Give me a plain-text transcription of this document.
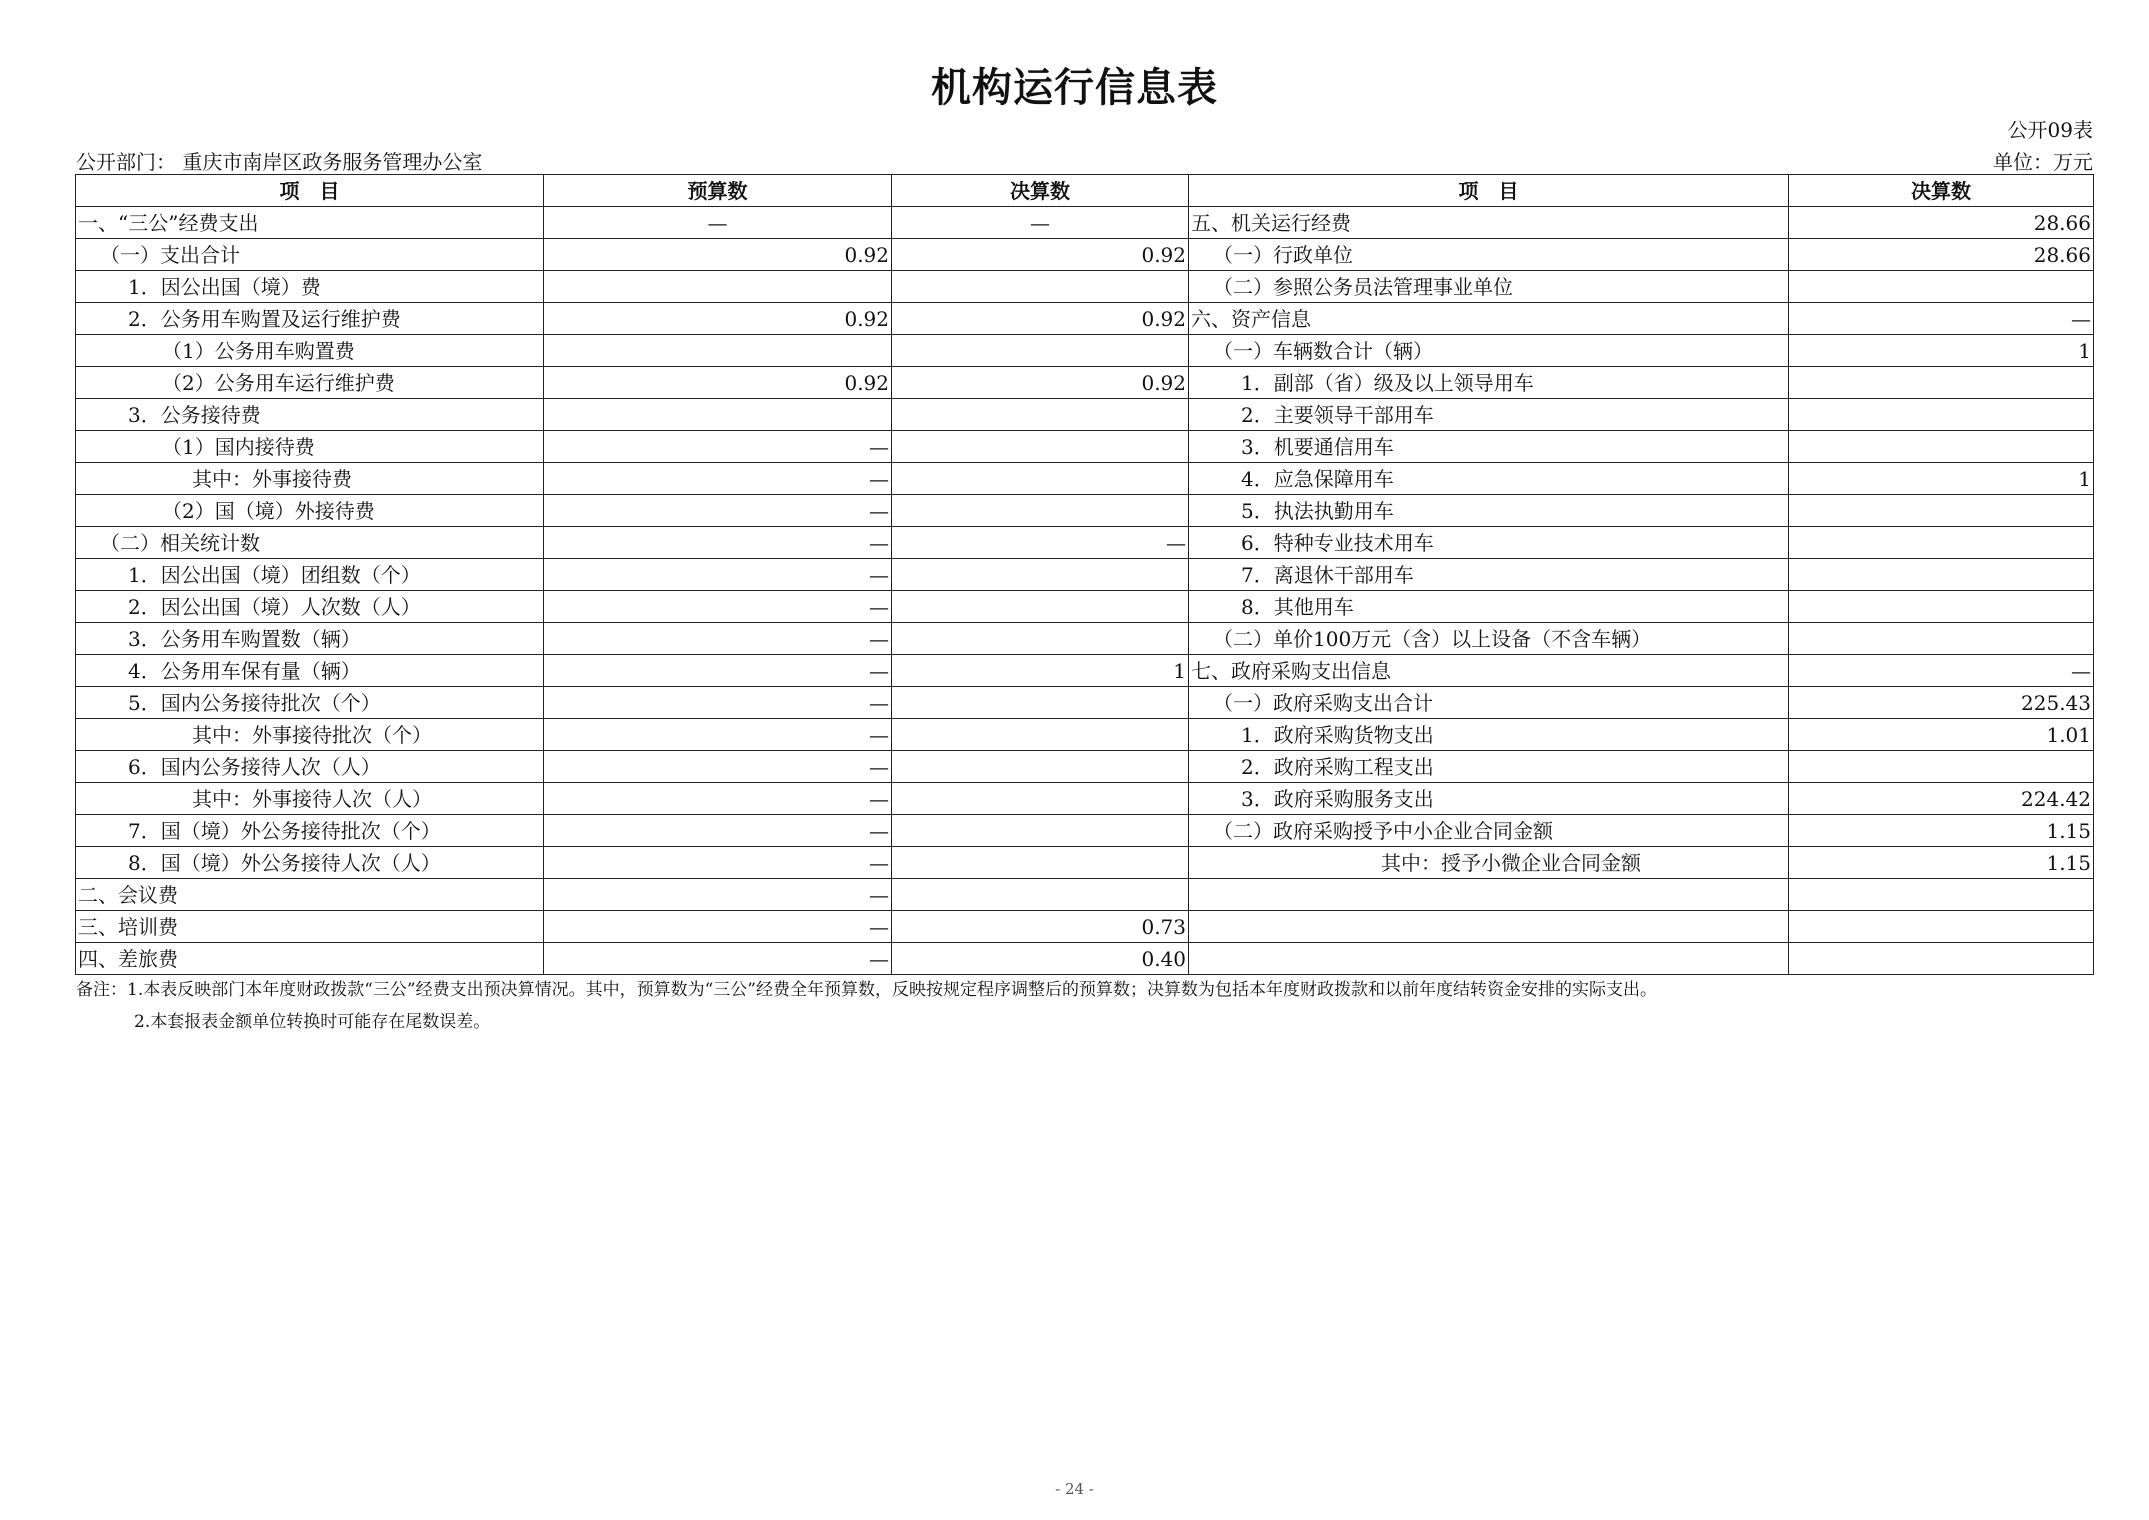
机构运行信息表
公开09表
公开部门： 重庆市南岸区政务服务管理办公室	单位：万元
项　目	预算数	决算数	项　目	决算数
一、“三公”经费支出	—	—	五、机关运行经费	28.66
（一）支出合计	0.92	0.92	（一）行政单位	28.66
1．因公出国（境）费			（二）参照公务员法管理事业单位	
2．公务用车购置及运行维护费	0.92	0.92	六、资产信息	—
（1）公务用车购置费			（一）车辆数合计（辆）	1
（2）公务用车运行维护费	0.92	0.92	1．副部（省）级及以上领导用车	
3．公务接待费			2．主要领导干部用车	
（1）国内接待费	—		3．机要通信用车	
其中：外事接待费	—		4．应急保障用车	1
（2）国（境）外接待费	—		5．执法执勤用车	
（二）相关统计数	—	—	6．特种专业技术用车	
1．因公出国（境）团组数（个）	—		7．离退休干部用车	
2．因公出国（境）人次数（人）	—		8．其他用车	
3．公务用车购置数（辆）	—		（二）单价100万元（含）以上设备（不含车辆）	
4．公务用车保有量（辆）	—	1	七、政府采购支出信息	—
5．国内公务接待批次（个）	—		（一）政府采购支出合计	225.43
其中：外事接待批次（个）	—		1．政府采购货物支出	1.01
6．国内公务接待人次（人）	—		2．政府采购工程支出	
其中：外事接待人次（人）	—		3．政府采购服务支出	224.42
7．国（境）外公务接待批次（个）	—		（二）政府采购授予中小企业合同金额	1.15
8．国（境）外公务接待人次（人）	—		其中：授予小微企业合同金额	1.15
二、会议费	—			
三、培训费	—	0.73		
四、差旅费	—	0.40		
备注：1.本表反映部门本年度财政拨款“三公”经费支出预决算情况。其中，预算数为“三公”经费全年预算数，反映按规定程序调整后的预算数；决算数为包括本年度财政拨款和以前年度结转资金安排的实际支出。
2.本套报表金额单位转换时可能存在尾数误差。
- 24 -
